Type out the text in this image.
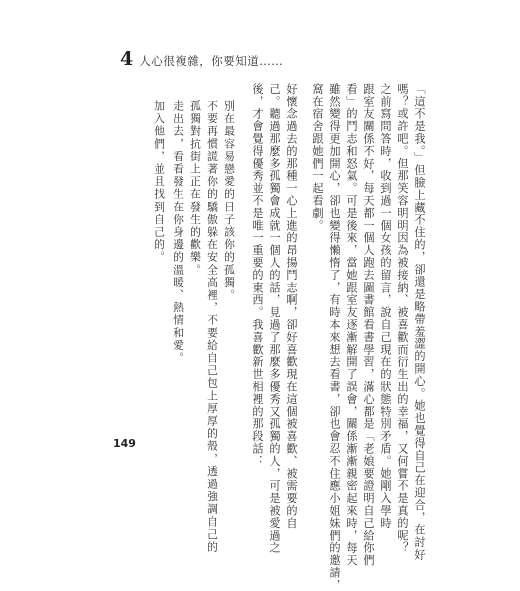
4 人心很複雜，你要知道……
「這不是我。」但臉上藏不住的，卻還是略帶羞澀的開心。她也覺得自己在迎合，在討好
嗎？或許吧。但那笑容明明因為被接納、被喜歡而衍生出的幸福，又何嘗不是真的呢？
之前寫問答時，收到過一個女孩的留言，說自己現在的狀態特別矛盾。她剛入學時
跟室友關係不好，每天都一個人跑去圖書館看書學習，滿心都是「老娘要證明自己給你們
看」的鬥志和怒氣。可是後來，當她跟室友逐漸解開了誤會，關係漸漸親密起來時，每天
雖然變得更加開心，卻也變得懶惰了，有時本來想去看書，卻也會忍不住應小姐妹們的邀請，
窩在宿舍跟她們一起看劇。
好懷念過去的那種一心上進的昂揚鬥志啊，卻好喜歡現在這個被喜歡、被需要的自
己。聽過那麼多孤獨會成就一個人的話，見過了那麼多優秀又孤獨的人，可是被愛過之
後，才會覺得優秀並不是唯一重要的東西。我喜歡新世相裡的那段話：
別在最容易戀愛的日子該你的孤獨。
不要再慣謊著你的驕傲躲在安全高裡，不要給自己包上厚厚的殼，透過強調自己的
孤獨對抗街上正在發生的歡樂。
走出去，看看發生在你身邊的溫暖、熱情和愛。
加入他們，並且找到自己的。
149
